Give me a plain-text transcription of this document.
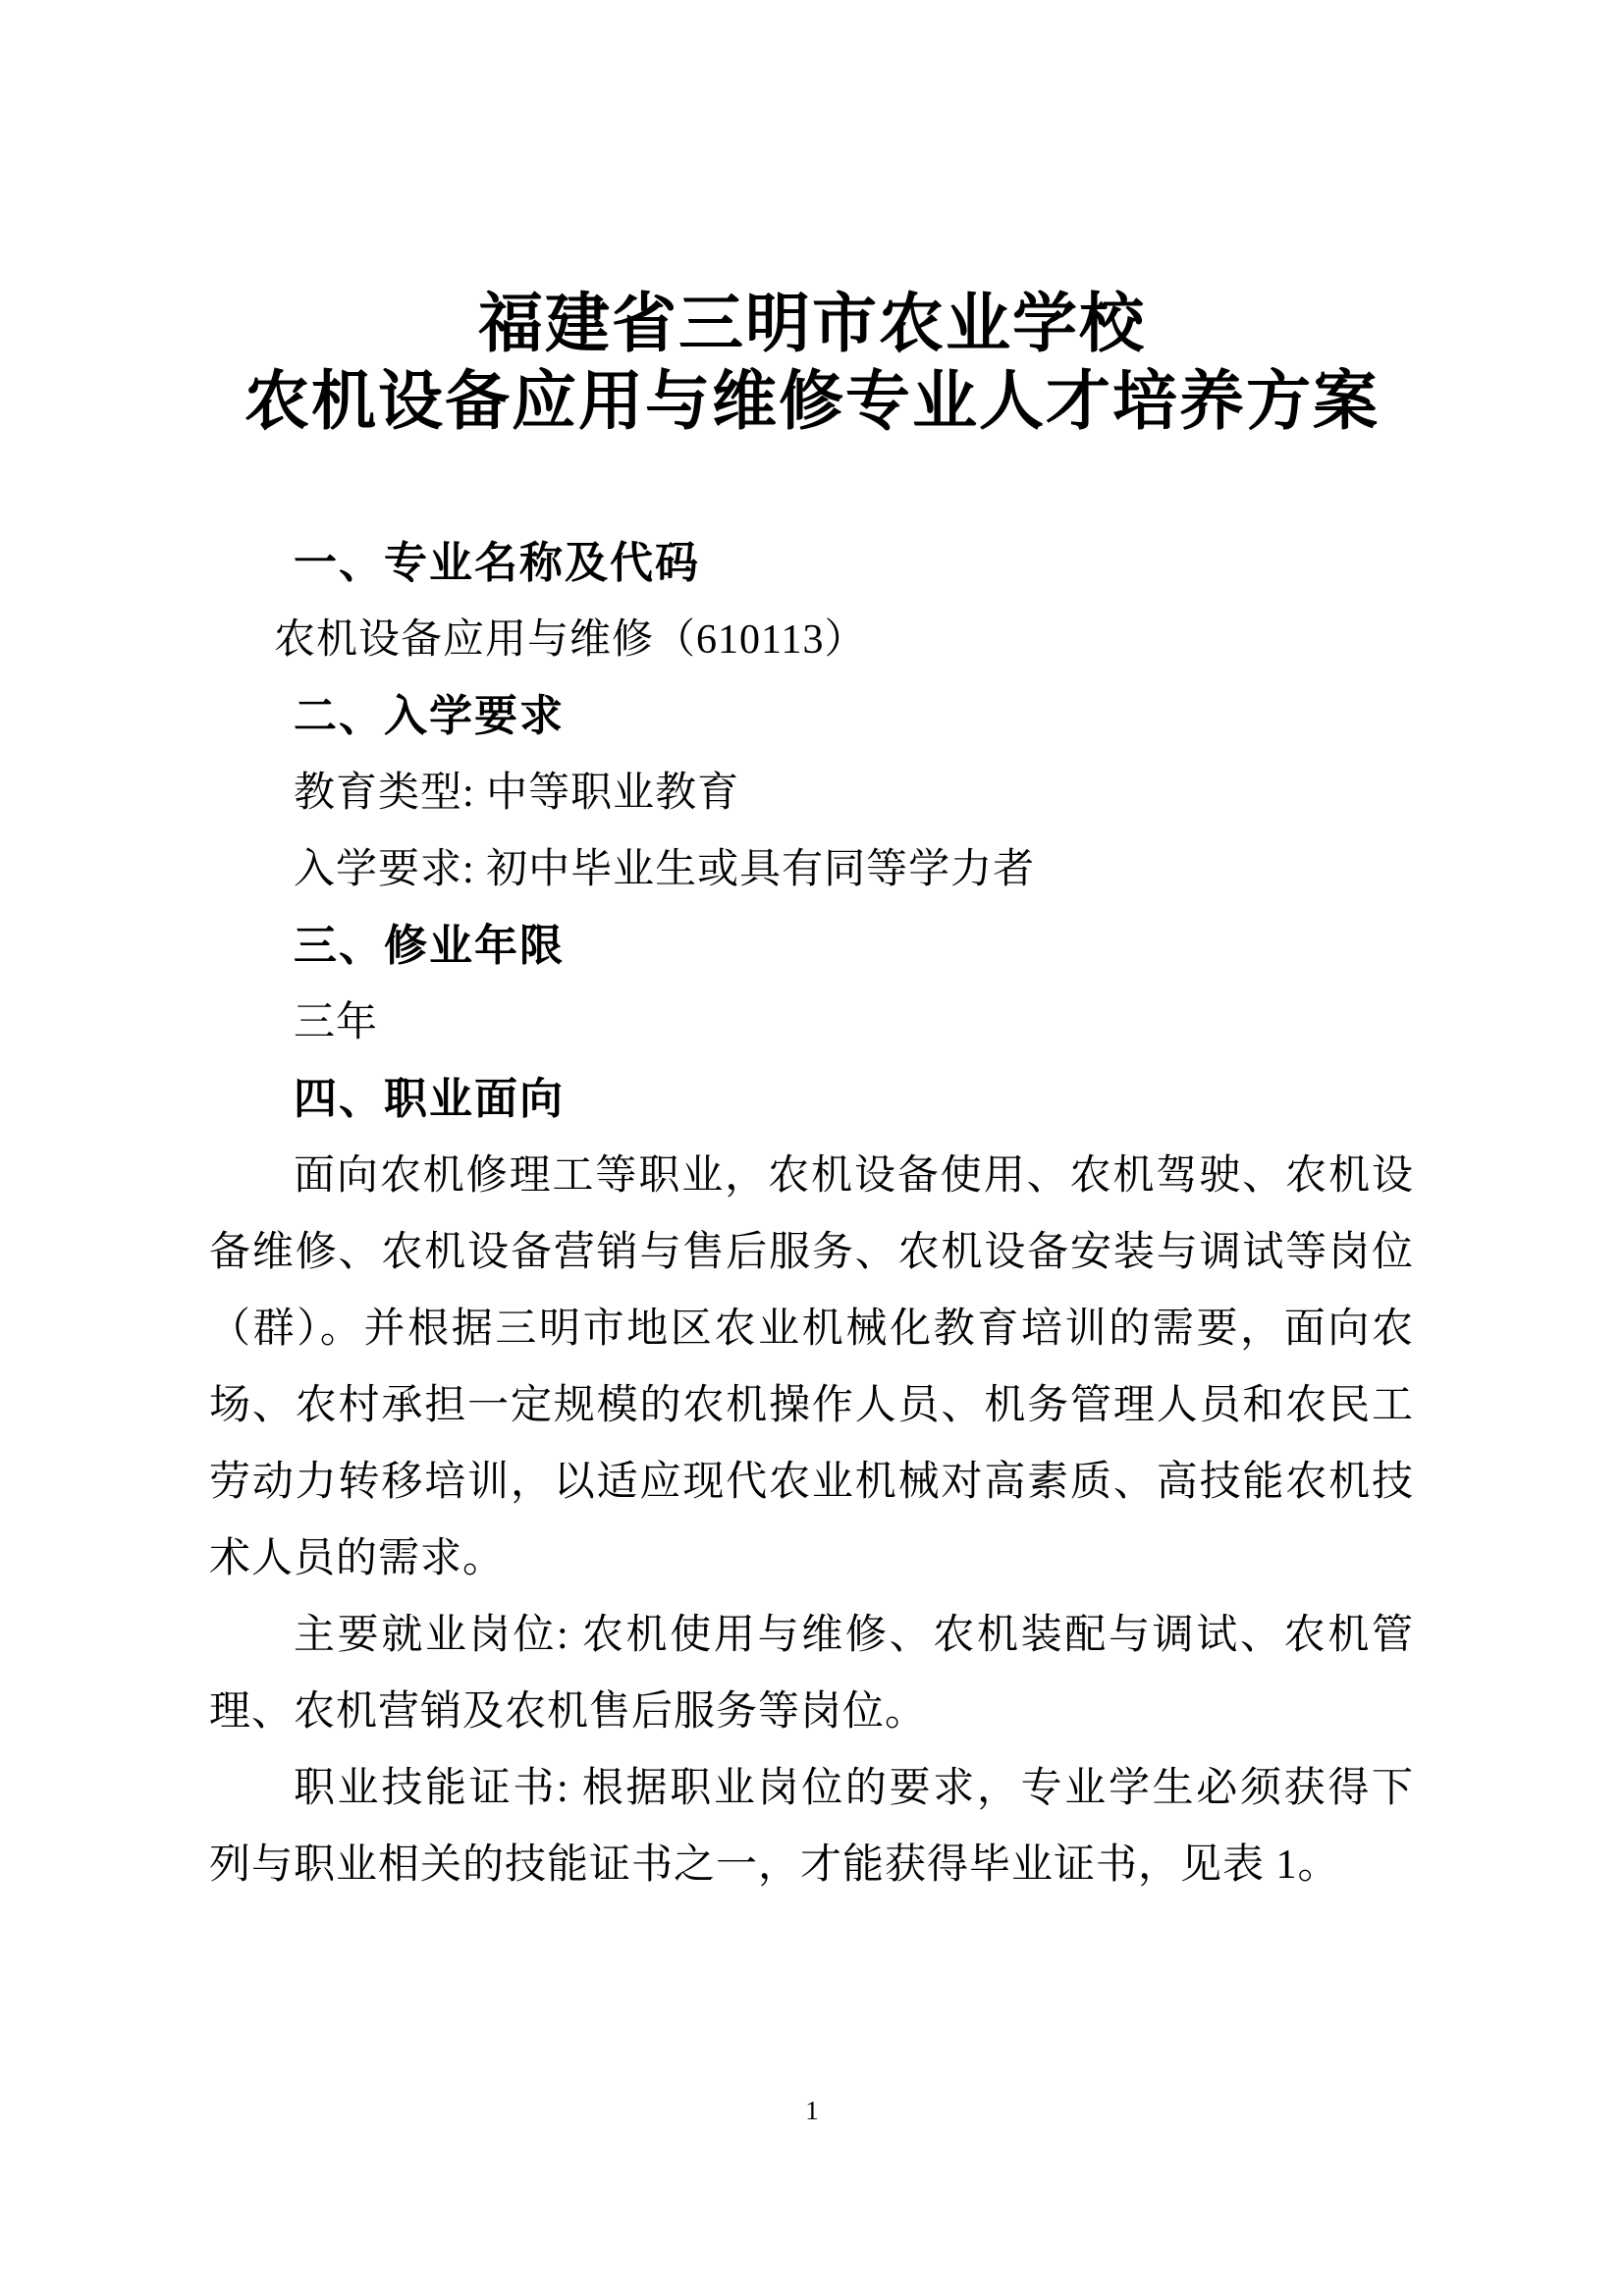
福建省三明市农业学校
农机设备应用与维修专业人才培养方案
一、专业名称及代码
农机设备应用与维修（610113）
二、入学要求
教育类型: 中等职业教育
入学要求: 初中毕业生或具有同等学力者
三、修业年限
三年
四、职业面向
面向农机修理工等职业，农机设备使用、农机驾驶、农机设
备维修、农机设备营销与售后服务、农机设备安装与调试等岗位
（群）。并根据三明市地区农业机械化教育培训的需要，面向农
场、农村承担一定规模的农机操作人员、机务管理人员和农民工
劳动力转移培训，以适应现代农业机械对高素质、高技能农机技
术人员的需求。
主要就业岗位: 农机使用与维修、农机装配与调试、农机管
理、农机营销及农机售后服务等岗位。
职业技能证书: 根据职业岗位的要求，专业学生必须获得下
列与职业相关的技能证书之一，才能获得毕业证书，见表 1。
1
